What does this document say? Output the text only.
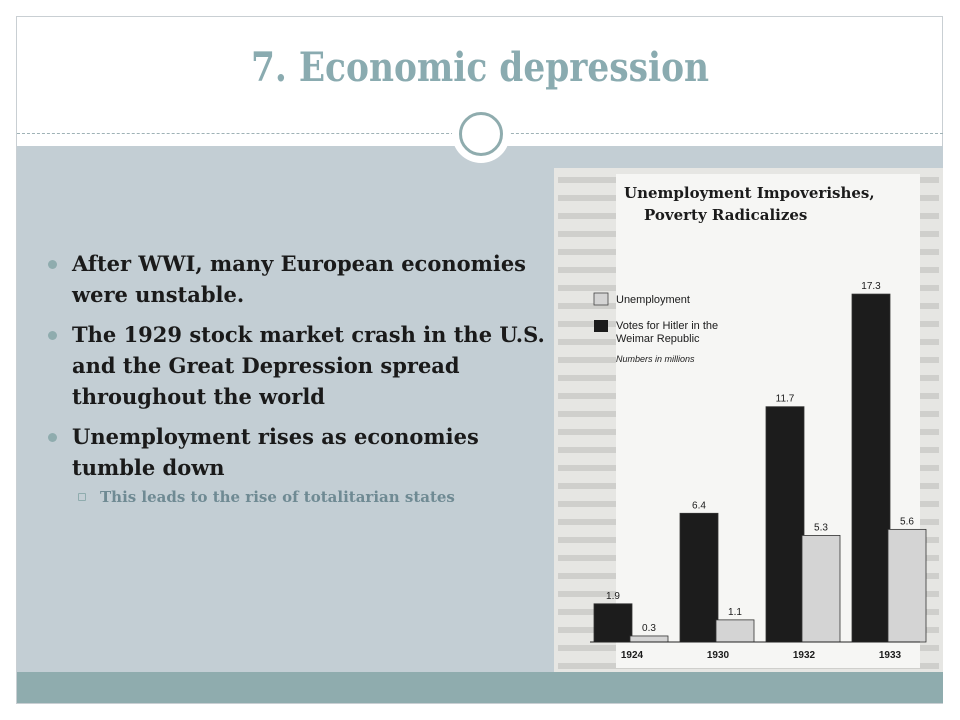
7. Economic depression
After WWI, many European economies were unstable.
The 1929 stock market crash in the U.S. and the Great Depression spread throughout the world
Unemployment rises as economies tumble down
This leads to the rise of totalitarian states
Unemployment Impoverishes,
Poverty Radicalizes
Unemployment
Votes for Hitler in the
Weimar Republic
Numbers in millions
1.9
0.3
1924
6.4
1.1
1930
11.7
5.3
1932
17.3
5.6
1933
